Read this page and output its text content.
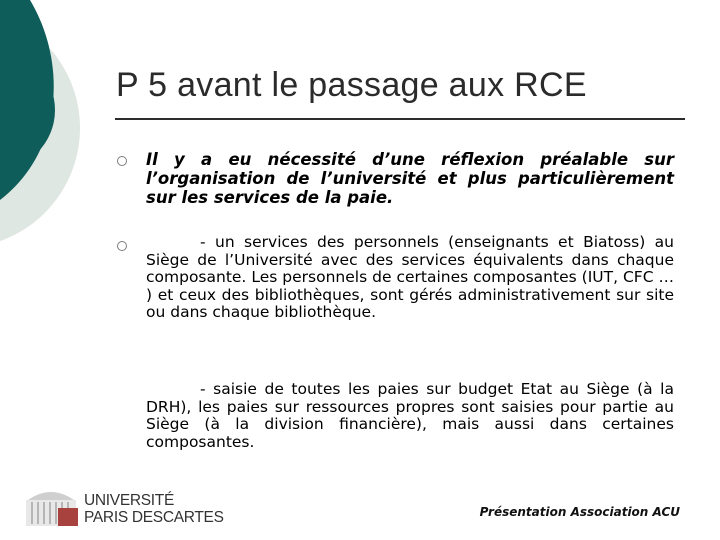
P 5 avant le passage aux RCE
Il y a eu nécessité d’une réflexion préalable sur l’organisation de l’université et plus particulièrement sur les services de la paie.
- un services des personnels (enseignants et Biatoss) au Siège de l’Université avec des services équivalents dans chaque composante. Les personnels de certaines composantes (IUT, CFC … ) et ceux des bibliothèques, sont gérés administrativement sur site ou dans chaque bibliothèque.
- saisie de toutes les paies sur budget Etat au Siège (à la DRH), les paies sur ressources propres sont saisies pour partie au Siège (à la division financière), mais aussi dans certaines composantes.
UNIVERSITÉ
PARIS DESCARTES	Présentation Association ACU
